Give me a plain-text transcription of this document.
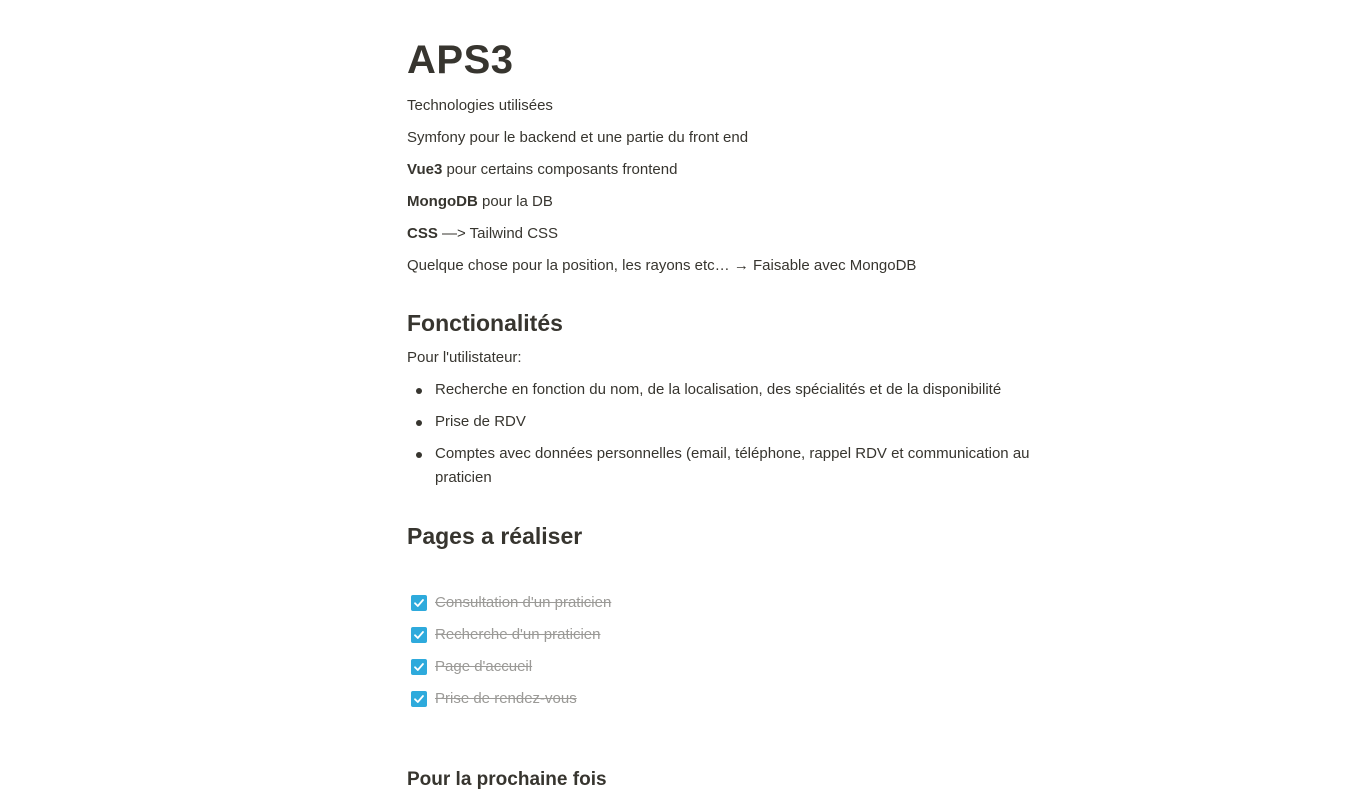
APS3
Technologies utilisées
Symfony pour le backend et une partie du front end
Vue3 pour certains composants frontend
MongoDB pour la DB
CSS —> Tailwind CSS
Quelque chose pour la position, les rayons etc… → Faisable avec MongoDB
Fonctionalités
Pour l'utilistateur:
Recherche en fonction du nom, de la localisation, des spécialités et de la disponibilité
Prise de RDV
Comptes avec données personnelles (email, téléphone, rappel RDV et communication au praticien
Pages a réaliser
Consultation d'un praticien
Recherche d'un praticien
Page d'accueil
Prise de rendez-vous
Pour la prochaine fois
